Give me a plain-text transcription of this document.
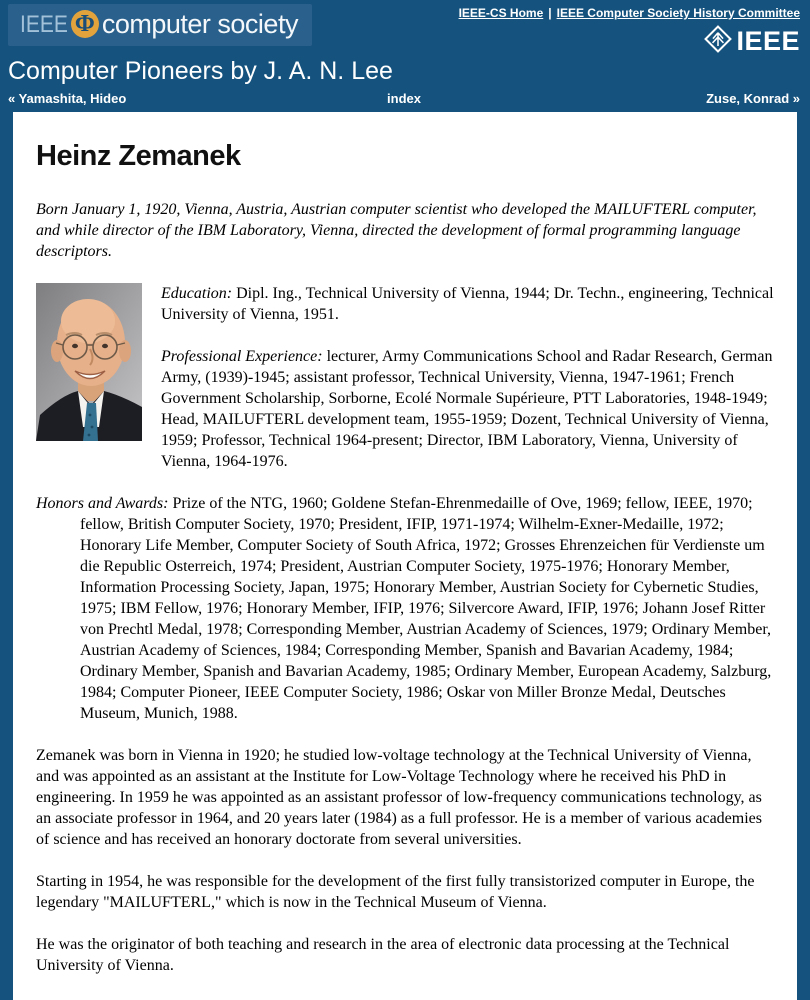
IEEE Φ computer society	IEEE-CS Home | IEEE Computer Society History Committee
IEEE
Computer Pioneers by J. A. N. Lee
« Yamashita, Hideo	index	Zuse, Konrad »
Heinz Zemanek

Born January 1, 1920, Vienna, Austria, Austrian computer scientist who developed the MAILUFTERL computer, and while director of the IBM Laboratory, Vienna, directed the development of formal programming language descriptors.

Education: Dipl. Ing., Technical University of Vienna, 1944; Dr. Techn., engineering, Technical University of Vienna, 1951.

Professional Experience: lecturer, Army Communications School and Radar Research, German Army, (1939)-1945; assistant professor, Technical University, Vienna, 1947-1961; French Government Scholarship, Sorborne, Ecolé Normale Supérieure, PTT Laboratories, 1948-1949; Head, MAILUFTERL development team, 1955-1959; Dozent, Technical University of Vienna, 1959; Professor, Technical 1964-present; Director, IBM Laboratory, Vienna, University of Vienna, 1964-1976.

Honors and Awards: Prize of the NTG, 1960; Goldene Stefan-Ehrenmedaille of Ove, 1969; fellow, IEEE, 1970; fellow, British Computer Society, 1970; President, IFIP, 1971-1974; Wilhelm-Exner-Medaille, 1972; Honorary Life Member, Computer Society of South Africa, 1972; Grosses Ehrenzeichen für Verdienste um die Republic Osterreich, 1974; President, Austrian Computer Society, 1975-1976; Honorary Member, Information Processing Society, Japan, 1975; Honorary Member, Austrian Society for Cybernetic Studies, 1975; IBM Fellow, 1976; Honorary Member, IFIP, 1976; Silvercore Award, IFIP, 1976; Johann Josef Ritter von Prechtl Medal, 1978; Corresponding Member, Austrian Academy of Sciences, 1979; Ordinary Member, Austrian Academy of Sciences, 1984; Corresponding Member, Spanish and Bavarian Academy, 1984; Ordinary Member, Spanish and Bavarian Academy, 1985; Ordinary Member, European Academy, Salzburg, 1984; Computer Pioneer, IEEE Computer Society, 1986; Oskar von Miller Bronze Medal, Deutsches Museum, Munich, 1988.

Zemanek was born in Vienna in 1920; he studied low-voltage technology at the Technical University of Vienna, and was appointed as an assistant at the Institute for Low-Voltage Technology where he received his PhD in engineering. In 1959 he was appointed as an assistant professor of low-frequency communications technology, as an associate professor in 1964, and 20 years later (1984) as a full professor. He is a member of various academies of science and has received an honorary doctorate from several universities.

Starting in 1954, he was responsible for the development of the first fully transistorized computer in Europe, the legendary "MAILUFTERL," which is now in the Technical Museum of Vienna.

He was the originator of both teaching and research in the area of electronic data processing at the Technical University of Vienna.
